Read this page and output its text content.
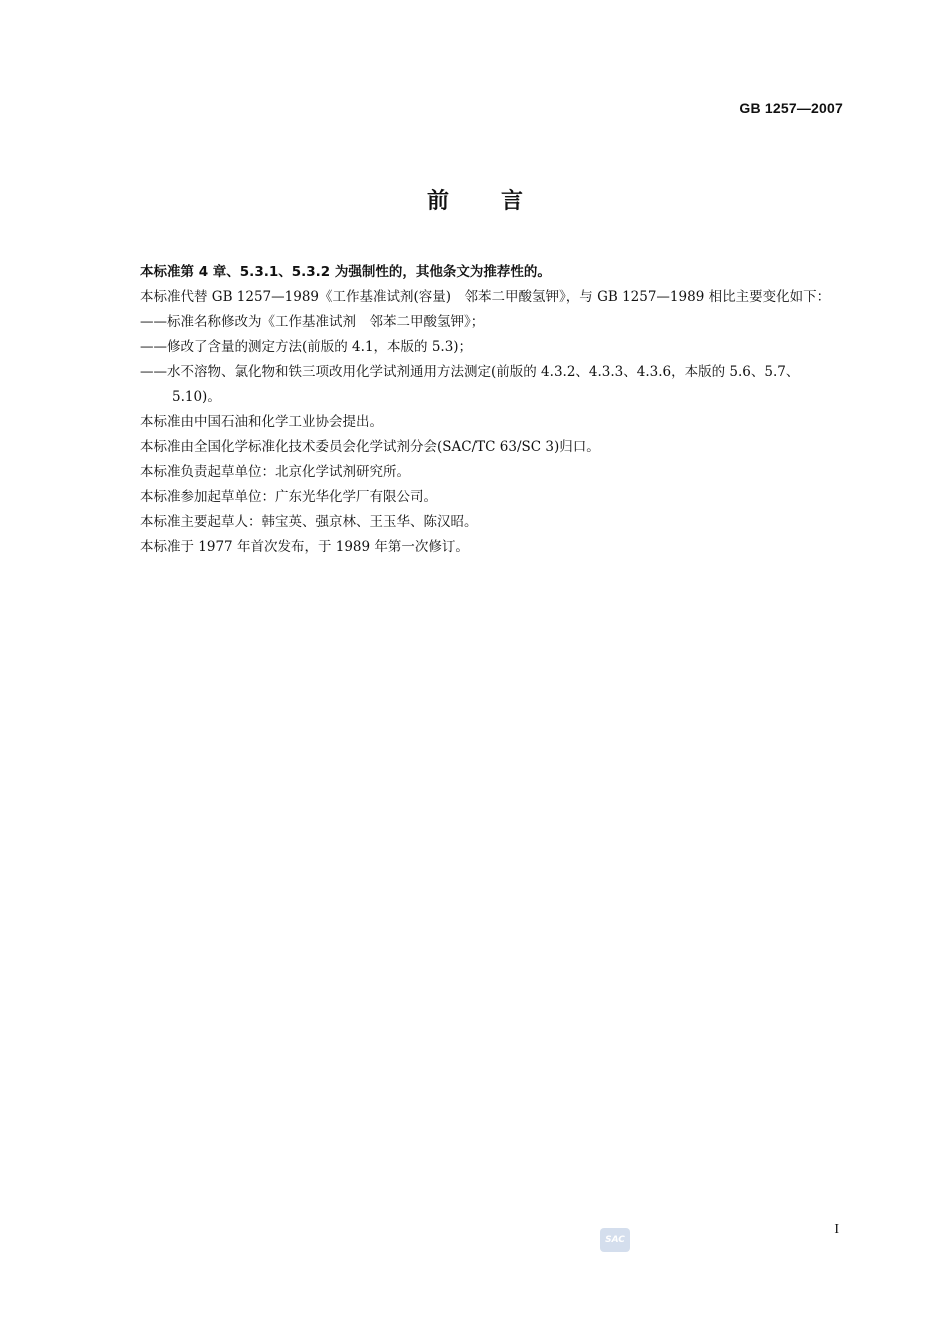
GB 1257—2007
前言

本标准第 4 章、5.3.1、5.3.2 为强制性的，其他条文为推荐性的。

本标准代替 GB 1257—1989《工作基准试剂(容量)　邻苯二甲酸氢钾》，与 GB 1257—1989 相比主要变化如下：

——标准名称修改为《工作基准试剂　邻苯二甲酸氢钾》；

——修改了含量的测定方法(前版的 4.1，本版的 5.3)；

——水不溶物、氯化物和铁三项改用化学试剂通用方法测定(前版的 4.3.2、4.3.3、4.3.6，本版的 5.6、5.7、5.10)。

本标准由中国石油和化学工业协会提出。

本标准由全国化学标准化技术委员会化学试剂分会(SAC/TC 63/SC 3)归口。

本标准负责起草单位：北京化学试剂研究所。

本标准参加起草单位：广东光华化学厂有限公司。

本标准主要起草人：韩宝英、强京林、王玉华、陈汉昭。

本标准于 1977 年首次发布，于 1989 年第一次修订。

SAC
I
